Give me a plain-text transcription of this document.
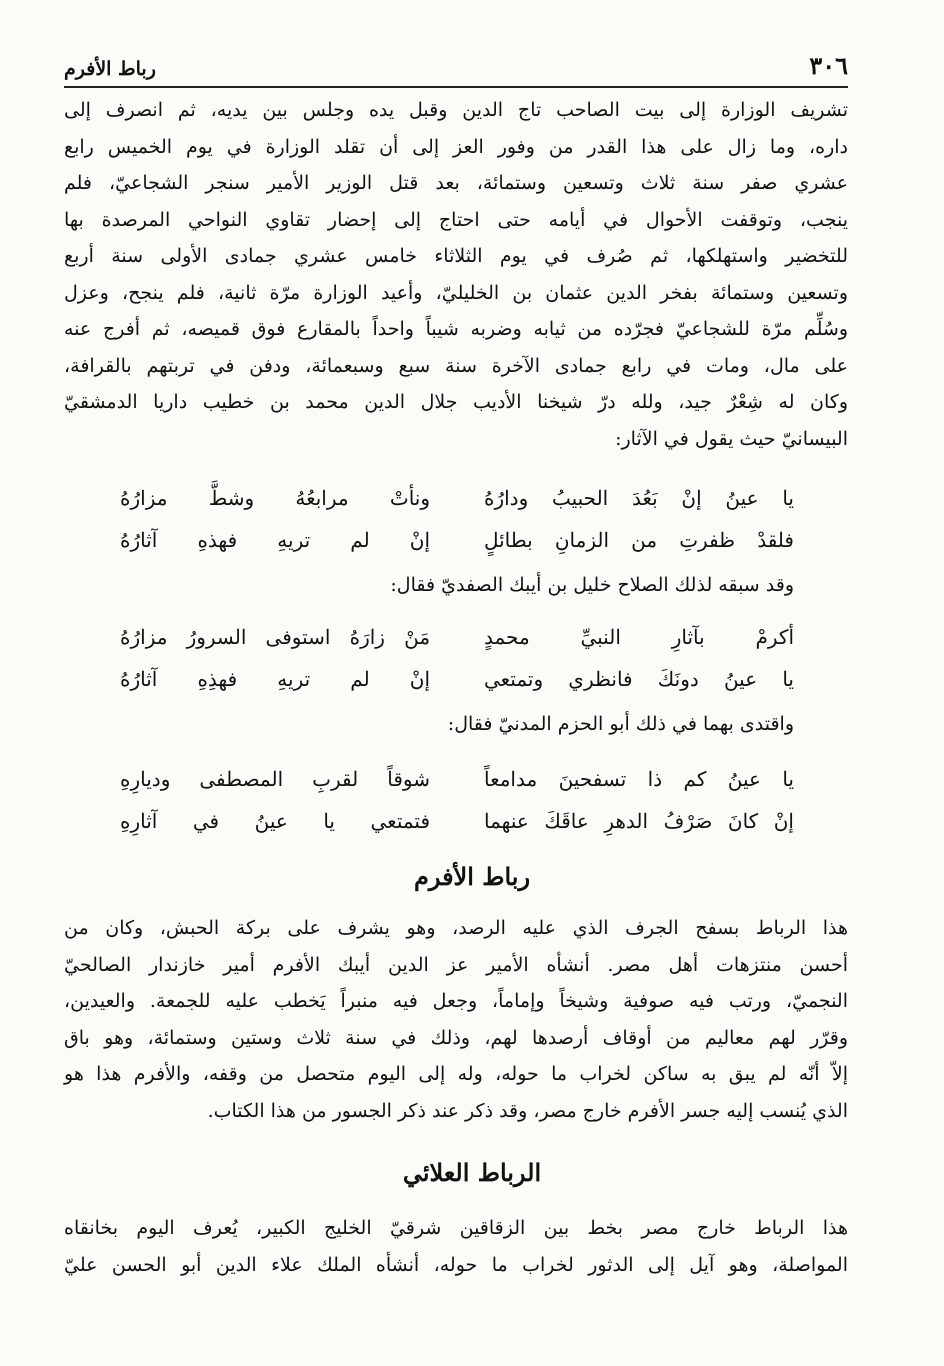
٣٠٦
رباط الأفرم

تشريف الوزارة إلى بيت الصاحب تاج الدين وقبل يده وجلس بين يديه، ثم انصرف إلى

داره، وما زال على هذا القدر من وفور العز إلى أن تقلد الوزارة في يوم الخميس رابع

عشري صفر سنة ثلاث وتسعين وستمائة، بعد قتل الوزير الأمير سنجر الشجاعيّ، فلم

ينجب، وتوقفت الأحوال في أيامه حتى احتاج إلى إحضار تقاوي النواحي المرصدة بها

للتخضير واستهلكها، ثم صُرف في يوم الثلاثاء خامس عشري جمادى الأولى سنة أربع

وتسعين وستمائة بفخر الدين عثمان بن الخليليّ، وأعيد الوزارة مرّة ثانية، فلم ينجح، وعزل

وسُلِّم مرّة للشجاعيّ فجرّده من ثيابه وضربه شيباً واحداً بالمقارع فوق قميصه، ثم أفرج عنه

على مال، ومات في رابع جمادى الآخرة سنة سبع وسبعمائة، ودفن في تربتهم بالقرافة،

وكان له شِعْرٌ جيد، ولله درّ شيخنا الأديب جلال الدين محمد بن خطيب داريا الدمشقيّ

البيسانيّ حيث يقول في الآثار:

يا عينُ إنْ بَعُدَ الحبيبُ ودارُهُ
ونأتْ مرابعُهُ وشطَّ مزارُهُ
فلقدْ ظفرتِ من الزمانِ بطائلٍ
إنْ لم تريهِ فهذهِ آثارُهُ
وقد سبقه لذلك الصلاح خليل بن أيبك الصفديّ فقال:
أكرمْ بآثارِ النبيِّ محمدٍ
مَنْ زارَهُ استوفى السرورُ مزارُهُ
يا عينُ دونَكَ فانظري وتمتعي
إنْ لم تريهِ فهذِهِ آثارُهُ
واقتدى بهما في ذلك أبو الحزم المدنيّ فقال:
يا عينُ كم ذا تسفحينَ مدامعاً
شوقاً لقربِ المصطفى وديارِهِ
إنْ كانَ صَرْفُ الدهرِ عاقَكَ عنهما
فتمتعي يا عينُ في آثارِهِ
رباط الأفرم

هذا الرباط بسفح الجرف الذي عليه الرصد، وهو يشرف على بركة الحبش، وكان من

أحسن منتزهات أهل مصر. أنشأه الأمير عز الدين أيبك الأفرم أمير خازندار الصالحيّ

النجميّ، ورتب فيه صوفية وشيخاً وإماماً، وجعل فيه منبراً يَخطب عليه للجمعة. والعيدين،

وقرّر لهم معاليم من أوقاف أرصدها لهم، وذلك في سنة ثلاث وستين وستمائة، وهو باق

إلاّ أنّه لم يبق به ساكن لخراب ما حوله، وله إلى اليوم متحصل من وقفه، والأفرم هذا هو

الذي يُنسب إليه جسر الأفرم خارج مصر، وقد ذكر عند ذكر الجسور من هذا الكتاب.

الرباط العلائي

هذا الرباط خارج مصر بخط بين الزقاقين شرقيّ الخليج الكبير، يُعرف اليوم بخانقاه

المواصلة، وهو آيل إلى الدثور لخراب ما حوله، أنشأه الملك علاء الدين أبو الحسن عليّ
